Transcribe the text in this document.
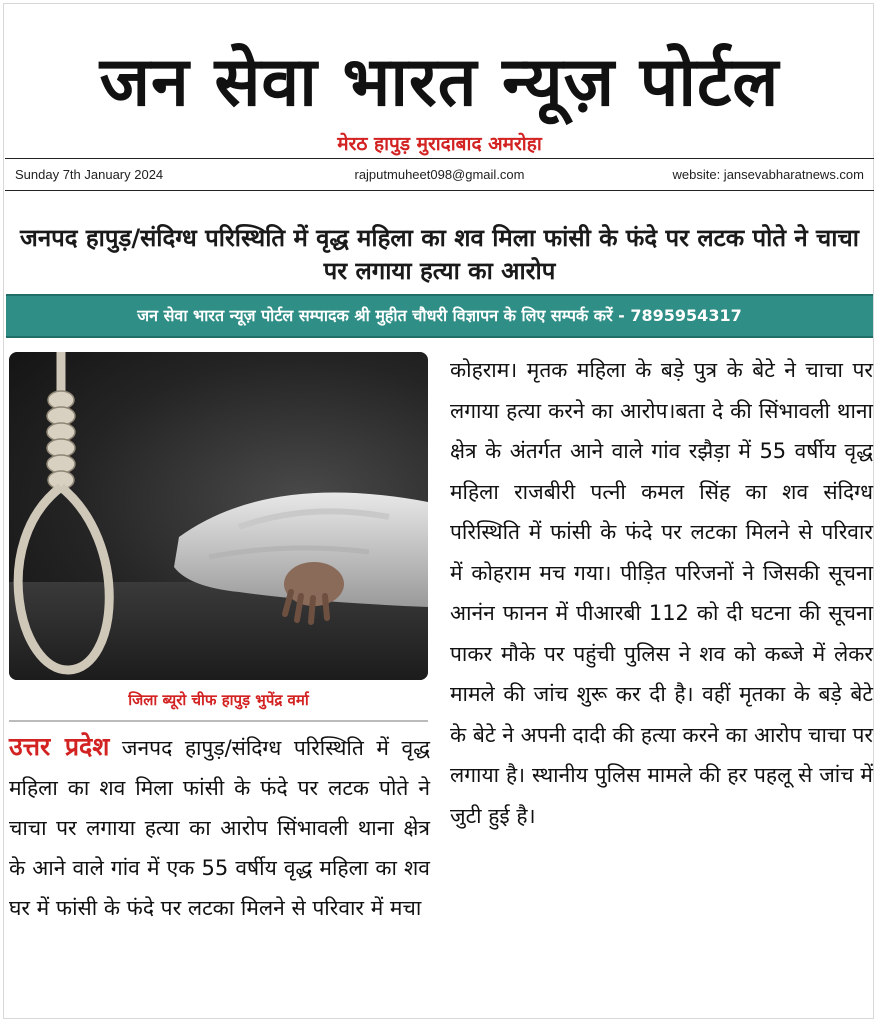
जन सेवा भारत न्यूज़ पोर्टल
मेरठ हापुड़ मुरादाबाद अमरोहा
Sunday 7th January 2024	rajputmuheet098@gmail.com	website: jansevabharatnews.com
जनपद हापुड़/संदिग्ध परिस्थिति में वृद्ध महिला का शव मिला फांसी के फंदे पर लटक पोते ने चाचा पर लगाया हत्या का आरोप
जन सेवा भारत न्यूज़ पोर्टल सम्पादक श्री मुहीत चौधरी विज्ञापन के लिए सम्पर्क करें - 7895954317
जिला ब्यूरो चीफ हापुड़ भुपेंद्र वर्मा
उत्तर प्रदेश जनपद हापुड़/संदिग्ध परिस्थिति में वृद्ध महिला का शव मिला फांसी के फंदे पर लटक पोते ने चाचा पर लगाया हत्या का आरोप सिंभावली थाना क्षेत्र के आने वाले गांव में एक 55 वर्षीय वृद्ध महिला का शव घर में फांसी के फंदे पर लटका मिलने से परिवार में मचा
कोहराम। मृतक महिला के बड़े पुत्र के बेटे ने चाचा पर लगाया हत्या करने का आरोप।बता दे की सिंभावली थाना क्षेत्र के अंतर्गत आने वाले गांव रझैड़ा में 55 वर्षीय वृद्ध महिला राजबीरी पत्नी कमल सिंह का शव संदिग्ध परिस्थिति में फांसी के फंदे पर लटका मिलने से परिवार में कोहराम मच गया। पीड़ित परिजनों ने जिसकी सूचना आनंन फानन में पीआरबी 112 को दी घटना की सूचना पाकर मौके पर पहुंची पुलिस ने शव को कब्जे में लेकर मामले की जांच शुरू कर दी है। वहीं मृतका के बड़े बेटे के बेटे ने अपनी दादी की हत्या करने का आरोप चाचा पर लगाया है। स्थानीय पुलिस मामले की हर पहलू से जांच में जुटी हुई है।
